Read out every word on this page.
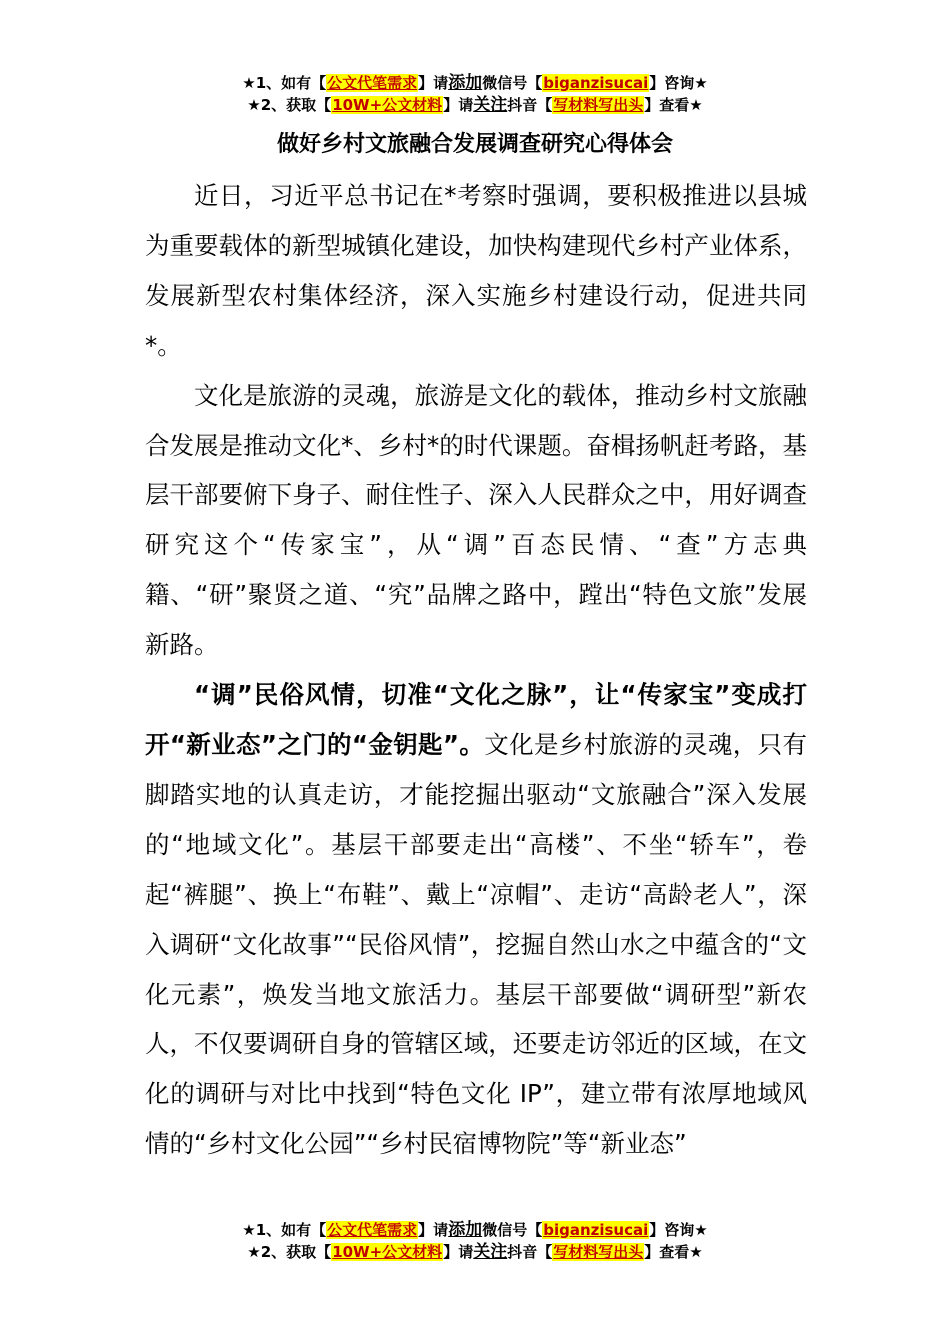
★1、如有【公文代笔需求】请添加微信号【biganzisucai】咨询★
★2、获取【10W+公文材料】请关注抖音【写材料写出头】查看★
做好乡村文旅融合发展调查研究心得体会

近日，习近平总书记在*考察时强调，要积极推进以县城为重要载体的新型城镇化建设，加快构建现代乡村产业体系，发展新型农村集体经济，深入实施乡村建设行动，促进共同*。

文化是旅游的灵魂，旅游是文化的载体，推动乡村文旅融合发展是推动文化*、乡村*的时代课题。奋楫扬帆赶考路，基层干部要俯下身子、耐住性子、深入人民群众之中，用好调查研究这个“传家宝”，从“调”百态民情、“查”方志典籍、“研”聚贤之道、“究”品牌之路中，蹚出“特色文旅”发展新路。

“调”民俗风情，切准“文化之脉”，让“传家宝”变成打开“新业态”之门的“金钥匙”。文化是乡村旅游的灵魂，只有脚踏实地的认真走访，才能挖掘出驱动“文旅融合”深入发展的“地域文化”。基层干部要走出“高楼”、不坐“轿车”，卷起“裤腿”、换上“布鞋”、戴上“凉帽”、走访“高龄老人”，深入调研“文化故事”“民俗风情”，挖掘自然山水之中蕴含的“文化元素”，焕发当地文旅活力。基层干部要做“调研型”新农人，不仅要调研自身的管辖区域，还要走访邻近的区域，在文化的调研与对比中找到“特色文化 IP”，建立带有浓厚地域风情的“乡村文化公园”“乡村民宿博物院”等“新业态”

★1、如有【公文代笔需求】请添加微信号【biganzisucai】咨询★
★2、获取【10W+公文材料】请关注抖音【写材料写出头】查看★
